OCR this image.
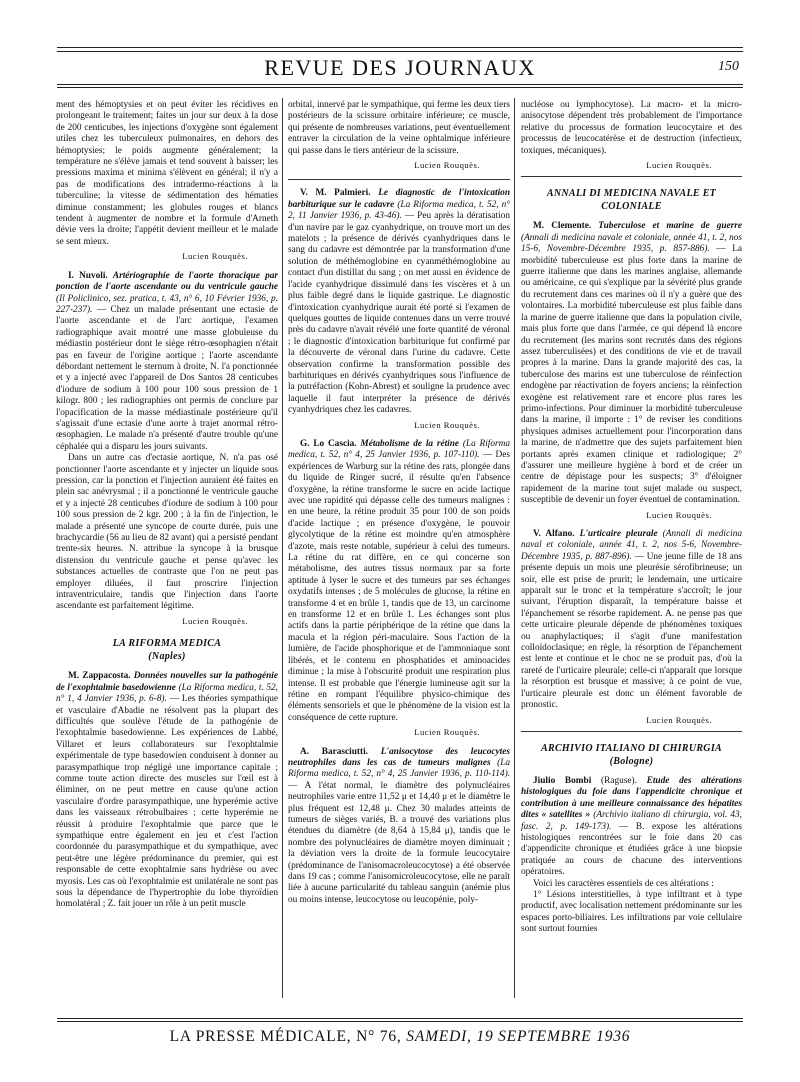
REVUE DES JOURNAUX	150

ment des hémoptysies et on peut éviter les récidives en prolongeant le traitement; faites un jour sur deux à la dose de 200 centicubes, les injections d'oxygène sont également utiles chez les tuberculeux pulmonaires, en dehors des hémoptysies; le poids augmente généralement; la température ne s'élève jamais et tend souvent à baisser; les pressions maxima et minima s'élèvent en général; il n'y a pas de modifications des intradermo-réactions à la tuberculine; la vitesse de sédimentation des hématies diminue constamment; les globules rouges et blancs tendent à augmenter de nombre et la formule d'Arneth dévie vers la droite; l'appétit devient meilleur et le malade se sent mieux.

Lucien Rouquès.

I. Nuvoli. Artériographie de l'aorte thoracique par ponction de l'aorte ascendante ou du ventricule gauche (Il Policlinico, sez. pratica, t. 43, n° 6, 10 Février 1936, p. 227-237). — Chez un malade présentant une ectasie de l'aorte ascendante et de l'arc aortique, l'examen radiographique avait montré une masse globuleuse du médiastin postérieur dont le siège rétro-œsophagien n'était pas en faveur de l'origine aortique ; l'aorte ascendante débordant nettement le sternum à droite, N. l'a ponctionnée et y a injecté avec l'appareil de Dos Santos 28 centicubes d'iodure de sodium à 100 pour 100 sous pression de 1 kilogr. 800 ; les radiographies ont permis de conclure par l'opacification de la masse médiastinale postérieure qu'il s'agissait d'une ectasie d'une aorte à trajet anormal rétro-œsophagien. Le malade n'a présenté d'autre trouble qu'une céphalée qui a disparu les jours suivants.

Dans un autre cas d'ectasie aortique, N. n'a pas osé ponctionner l'aorte ascendante et y injecter un liquide sous pression, car la ponction et l'injection auraient été faites en plein sac anévrysmal ; il a ponctionné le ventricule gauche et y a injecté 28 centicubes d'iodure de sodium à 100 pour 100 sous pression de 2 kgr. 200 ; à la fin de l'injection, le malade a présenté une syncope de courte durée, puis une brachycardie (56 au lieu de 82 avant) qui a persisté pendant trente-six heures. N. attribue la syncope à la brusque distension du ventricule gauche et pense qu'avec les substances actuelles de contraste que l'on ne peut pas employer diluées, il faut proscrire l'injection intraventriculaire, tandis que l'injection dans l'aorte ascendante est parfaitement légitime.

Lucien Rouquès.
LA RIFORMA MEDICA
(Naples)

M. Zappacosta. Données nouvelles sur la pathogénie de l'exophtalmie basedowienne (La Riforma medica, t. 52, n° 1, 4 Janvier 1936, p. 6-8). — Les théories sympathique et vasculaire d'Abadie ne résolvent pas la plupart des difficultés que soulève l'étude de la pathogénie de l'exophtalmie basedowienne. Les expériences de Labbé, Villaret et leurs collaborateurs sur l'exophtalmie expérimentale de type basedowien conduisent à donner au parasympathique trop négligé une importance capitale ; comme toute action directe des muscles sur l'œil est à éliminer, on ne peut mettre en cause qu'une action vasculaire d'ordre parasympathique, une hyperémie active dans les vaisseaux rétrobulbaires ; cette hyperémie ne réussit à produire l'exophtalmie que parce que le sympathique entre également en jeu et c'est l'action coordonnée du parasympathique et du sympathique, avec peut-être une légère prédominance du premier, qui est responsable de cette exophtalmie sans hydrièse ou avec myosis. Les cas où l'exophtalmie est unilatérale ne sont pas sous la dépendance de l'hypertrophie du lobe thyroïdien homolatéral ; Z. fait jouer un rôle à un petit muscle

orbital, innervé par le sympathique, qui ferme les deux tiers postérieurs de la scissure orbitaire inférieure; ce muscle, qui présente de nombreuses variations, peut éventuellement entraver la circulation de la veine ophtalmique inférieure qui passe dans le tiers antérieur de la scissure.

Lucien Rouquès.

V. M. Palmieri. Le diagnostic de l'intoxication barbiturique sur le cadavre (La Riforma medica, t. 52, n° 2, 11 Janvier 1936, p. 43-46). — Peu après la dératisation d'un navire par le gaz cyanhydrique, on trouve mort un des matelots ; la présence de dérivés cyanhydriques dans le sang du cadavre est démontrée par la transformation d'une solution de méthémoglobine en cyanméthémoglobine au contact d'un distillat du sang ; on met aussi en évidence de l'acide cyanhydrique dissimulé dans les viscères et à un plus faible degré dans le liquide gastrique. Le diagnostic d'intoxication cyanhydrique aurait été porté si l'examen de quelques gouttes de liquide contenues dans un verre trouvé près du cadavre n'avait révélé une forte quantité de véronal ; le diagnostic d'intoxication barbiturique fut confirmé par la découverte de véronal dans l'urine du cadavre. Cette observation confirme la transformation possible des barbituriques en dérivés cyanhydriques sous l'influence de la putréfaction (Kohn-Abrest) et souligne la prudence avec laquelle il faut interpréter la présence de dérivés cyanhydriques chez les cadavres.

Lucien Rouquès.

G. Lo Cascia. Métabolisme de la rétine (La Riforma medica, t. 52, n° 4, 25 Janvier 1936, p. 107-110). — Des expériences de Warburg sur la rétine des rats, plongée dans du liquide de Ringer sucré, il résulte qu'en l'absence d'oxygène, la rétine transforme le sucre en acide lactique avec une rapidité qui dépasse celle des tumeurs malignes : en une heure, la rétine produit 35 pour 100 de son poids d'acide lactique ; en présence d'oxygène, le pouvoir glycolytique de la rétine est moindre qu'en atmosphère d'azote, mais reste notable, supérieur à celui des tumeurs. La rétine du rat diffère, en ce qui concerne son métabolisme, des autres tissus normaux par sa forte aptitude à lyser le sucre et des tumeurs par ses échanges oxydatifs intenses ; de 5 molécules de glucose, la rétine en transforme 4 et en brûle 1, tandis que de 13, un carcinome en transforme 12 et en brûle 1. Les échanges sont plus actifs dans la partie périphérique de la rétine que dans la macula et la région péri-maculaire. Sous l'action de la lumière, de l'acide phosphorique et de l'ammoniaque sont libérés, et le contenu en phosphatides et aminoacides diminue ; la mise à l'obscurité produit une respiration plus intense. Il est probable que l'énergie lumineuse agit sur la rétine en rompant l'équilibre physico-chimique des éléments sensoriels et que le phénomène de la vision est la conséquence de cette rupture.

Lucien Rouquès.

A. Barasciutti. L'anisocytose des leucocytes neutrophiles dans les cas de tumeurs malignes (La Riforma medica, t. 52, n° 4, 25 Janvier 1936, p. 110-114). — A l'état normal, le diamètre des polynucléaires neutrophiles varie entre 11,52 μ et 14,40 μ et le diamètre le plus fréquent est 12,48 μ. Chez 30 malades atteints de tumeurs de sièges variés, B. a trouvé des variations plus étendues du diamètre (de 8,64 à 15,84 μ), tandis que le nombre des polynucléaires de diamètre moyen diminuait ; la déviation vers la droite de la formule leucocytaire (prédominance de l'anisomacroleucocytose) a été observée dans 19 cas ; comme l'anisomicroleucocytose, elle ne paraît liée à aucune particularité du tableau sanguin (anémie plus ou moins intense, leucocytose ou leucopénie, poly-

nucléose ou lymphocytose). La macro- et la micro-anisocytose dépendent très probablement de l'importance relative du processus de formation leucocytaire et des processus de leucocatérèse et de destruction (infectieux, toxiques, mécaniques).

Lucien Rouquès.
ANNALI DI MEDICINA NAVALE ET COLONIALE

M. Clemente. Tuberculose et marine de guerre (Annali di medicina navale et coloniale, année 41, t. 2, nos 15-6, Novembre-Décembre 1935, p. 857-886). — La morbidité tuberculeuse est plus forte dans la marine de guerre italienne que dans les marines anglaise, allemande ou américaine, ce qui s'explique par la sévérité plus grande du recrutement dans ces marines où il n'y a guère que des volontaires. La morbidité tuberculeuse est plus faible dans la marine de guerre italienne que dans la population civile, mais plus forte que dans l'armée, ce qui dépend là encore du recrutement (les marins sont recrutés dans des régions assez tuberculisées) et des conditions de vie et de travail propres à la marine. Dans la grande majorité des cas, la tuberculose des marins est une tuberculose de réinfection endogène par réactivation de foyers anciens; la réinfection exogène est relativement rare et encore plus rares les primo-infections. Pour diminuer la morbidité tuberculeuse dans la marine, il importe : 1° de reviser les conditions physiques admises actuellement pour l'incorporation dans la marine, de n'admettre que des sujets parfaitement bien portants après examen clinique et radiologique; 2° d'assurer une meilleure hygiène à bord et de créer un centre de dépistage pour les suspects; 3° d'éloigner rapidement de la marine tout sujet malade ou suspect, susceptible de devenir un foyer éventuel de contamination.

Lucien Rouquès.

V. Alfano. L'urticaire pleurale (Annali di medicina naval et coloniale, année 41, t. 2, nos 5-6, Novembre-Décembre 1935, p. 887-896). — Une jeune fille de 18 ans présente depuis un mois une pleurésie sérofibrineuse; un soir, elle est prise de prurit; le lendemain, une urticaire apparaît sur le tronc et la température s'accroît; le jour suivant, l'éruption disparaît, la température baisse et l'épanchement se résorbe rapidement. A. ne pense pas que cette urticaire pleurale dépende de phénomènes toxiques ou anaphylactiques; il s'agit d'une manifestation colloïdoclasique; en règle, la résorption de l'épanchement est lente et continue et le choc ne se produit pas, d'où la rareté de l'urticaire pleurale; celle-ci n'apparaît que lorsque la résorption est brusque et massive; à ce point de vue, l'urticaire pleurale est donc un élément favorable de pronostic.

Lucien Rouquès.
ARCHIVIO ITALIANO DI CHIRURGIA
(Bologne)

Jiulio Bombi (Raguse). Etude des altérations histologiques du foie dans l'appendicite chronique et contribution à une meilleure connaissance des hépatites dites « satellites » (Archivio italiano di chirurgia, vol. 43, fasc. 2, p. 149-173). — B. expose les altérations histologiques rencontrées sur le foie dans 20 cas d'appendicite chronique et étudiées grâce à une biopsie pratiquée au cours de chacune des interventions opératoires.

Voici les caractères essentiels de ces altérations :

1° Lésions interstitielles, à type infiltrant et à type productif, avec localisation nettement prédominante sur les espaces porto-biliaires. Les infiltrations par voie cellulaire sont surtout fournies

LA PRESSE MÉDICALE, N° 76, SAMEDI, 19 SEPTEMBRE 1936
